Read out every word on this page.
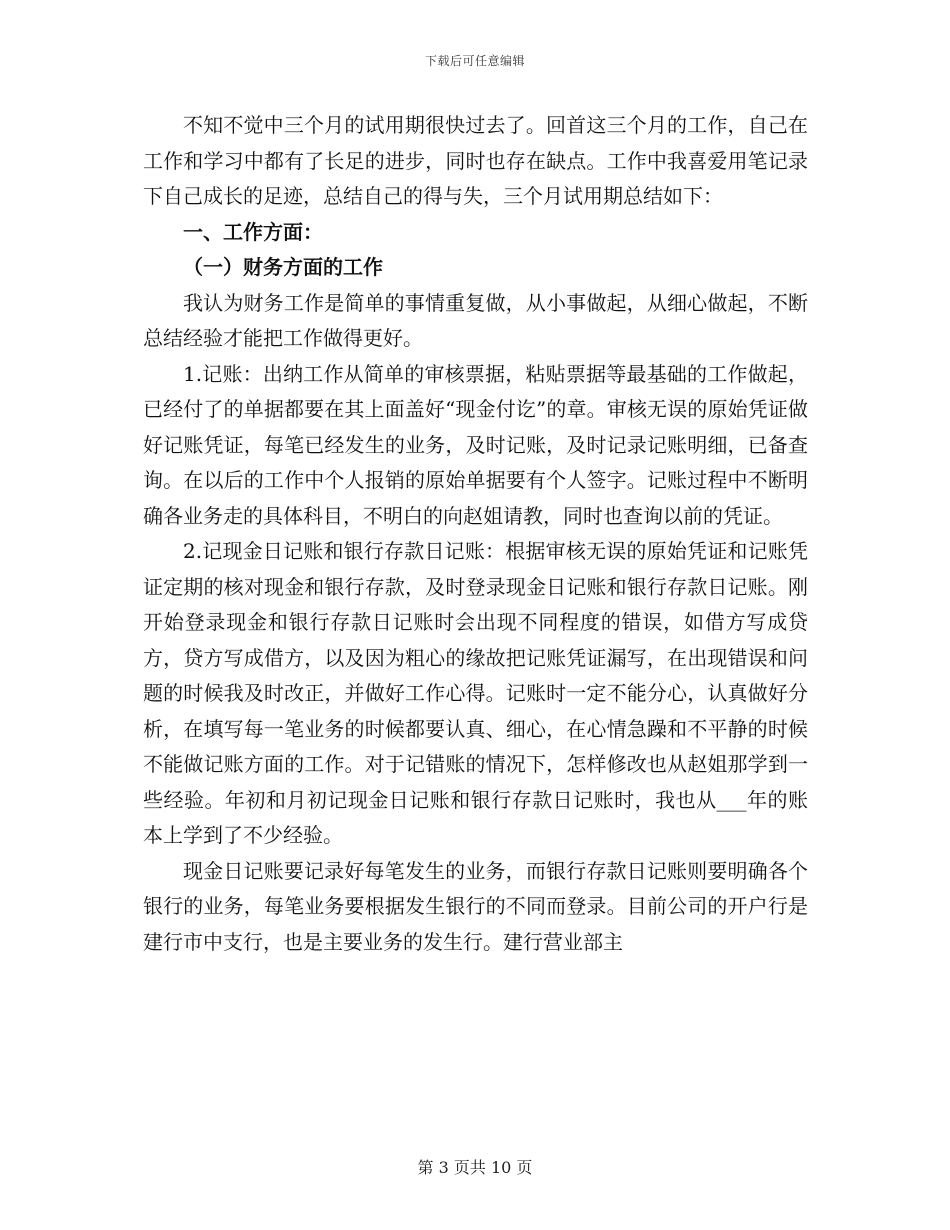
下载后可任意编辑

不知不觉中三个月的试用期很快过去了。回首这三个月的工作，自己在工作和学习中都有了长足的进步，同时也存在缺点。工作中我喜爱用笔记录下自己成长的足迹，总结自己的得与失，三个月试用期总结如下：

一、工作方面：

（一）财务方面的工作

我认为财务工作是简单的事情重复做，从小事做起，从细心做起，不断总结经验才能把工作做得更好。

1.记账：出纳工作从简单的审核票据，粘贴票据等最基础的工作做起，已经付了的单据都要在其上面盖好“现金付讫”的章。审核无误的原始凭证做好记账凭证，每笔已经发生的业务，及时记账，及时记录记账明细，已备查询。在以后的工作中个人报销的原始单据要有个人签字。记账过程中不断明确各业务走的具体科目，不明白的向赵姐请教，同时也查询以前的凭证。

2.记现金日记账和银行存款日记账：根据审核无误的原始凭证和记账凭证定期的核对现金和银行存款，及时登录现金日记账和银行存款日记账。刚开始登录现金和银行存款日记账时会出现不同程度的错误，如借方写成贷方，贷方写成借方，以及因为粗心的缘故把记账凭证漏写，在出现错误和问题的时候我及时改正，并做好工作心得。记账时一定不能分心，认真做好分析，在填写每一笔业务的时候都要认真、细心，在心情急躁和不平静的时候不能做记账方面的工作。对于记错账的情况下，怎样修改也从赵姐那学到一些经验。年初和月初记现金日记账和银行存款日记账时，我也从___年的账本上学到了不少经验。

现金日记账要记录好每笔发生的业务，而银行存款日记账则要明确各个银行的业务，每笔业务要根据发生银行的不同而登录。目前公司的开户行是建行市中支行，也是主要业务的发生行。建行营业部主

第 3 页共 10 页
